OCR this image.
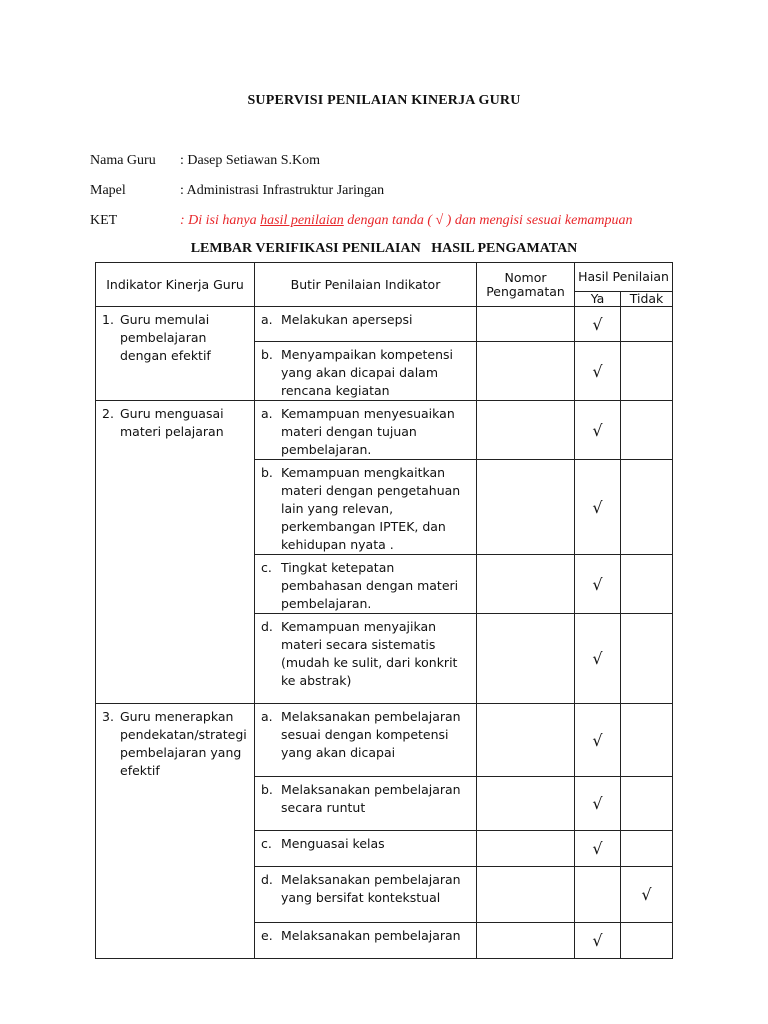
SUPERVISI PENILAIAN KINERJA GURU
Nama Guru : Dasep Setiawan S.Kom
Mapel	: Administrasi Infrastruktur Jaringan
KET	: Di isi hanya hasil penilaian dengan tanda ( √ ) dan mengisi sesuai kemampuan
LEMBAR VERIFIKASI PENILAIAN   HASIL PENGAMATAN
Indikator Kinerja Guru	Butir Penilaian Indikator	Nomor Pengamatan	Hasil Penilaian	
			Ya	Tidak
1. Guru memulai pembelajaran dengan efektif	a. Melakukan apersepsi		√	
	b. Menyampaikan kompetensi yang akan dicapai dalam rencana kegiatan		√	
2. Guru menguasai materi pelajaran	a. Kemampuan menyesuaikan materi dengan tujuan pembelajaran.		√	
	b. Kemampuan mengkaitkan materi dengan pengetahuan lain yang relevan, perkembangan IPTEK, dan kehidupan nyata .		√	
	c. Tingkat ketepatan pembahasan dengan materi pembelajaran.		√	
	d. Kemampuan menyajikan materi secara sistematis (mudah ke sulit, dari konkrit ke abstrak)		√	
3. Guru menerapkan pendekatan/strategi pembelajaran yang efektif	a. Melaksanakan pembelajaran sesuai dengan kompetensi yang akan dicapai		√	
	b. Melaksanakan pembelajaran secara runtut		√	
	c. Menguasai kelas		√	
	d. Melaksanakan pembelajaran yang bersifat kontekstual			√
	e. Melaksanakan pembelajaran		√	
